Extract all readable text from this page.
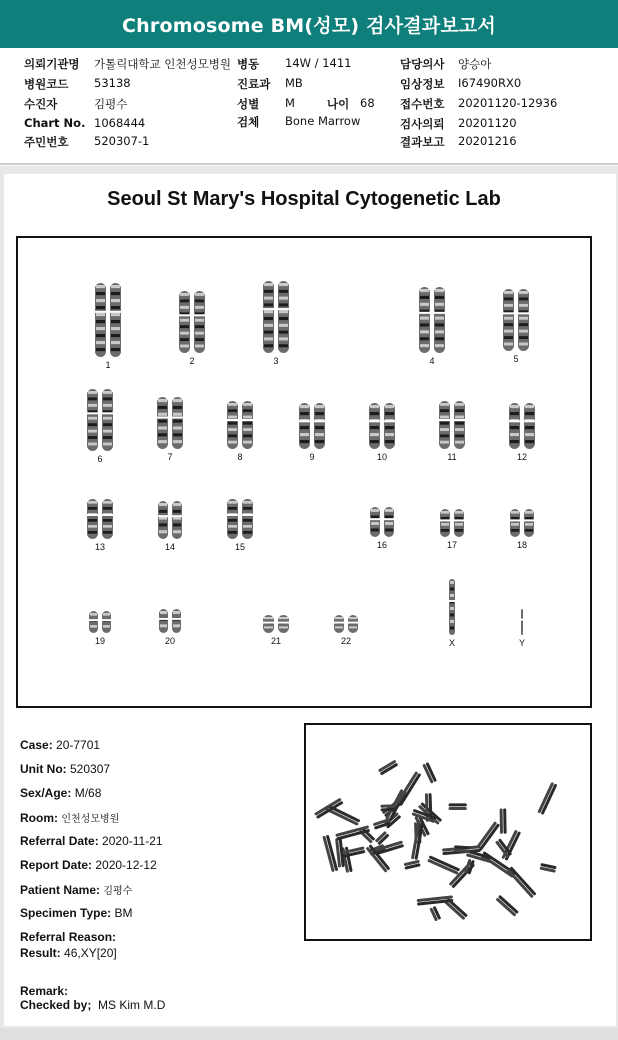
Chromosome BM(성모) 검사결과보고서
의뢰기관명 가톨릭대학교 인천성모병원
병원코드 53138
수진자	김평수
Chart No. 1068444
주민번호 520307-1
병동 14W / 1411
진료과 MB
성별 M	나이 68
검체 Bone Marrow
담당의사 양승아
임상정보 I67490RX0
접수번호 20201120-12936
검사의뢰 20201120
결과보고 20201216
Seoul St Mary's Hospital Cytogenetic Lab
1	2	3	4	5
6	7	8	9	10	11	12
13	14	15	16	17	18
19	20	21	22	X	Y
Case: 20-7701
Unit No: 520307
Sex/Age: M/68
Room: 인천성모병원
Referral Date: 2020-11-21
Report Date: 2020-12-12
Patient Name: 김평수
Specimen Type: BM
Referral Reason:
Result: 46,XY[20]
Remark:
Checked by; MS Kim M.D
